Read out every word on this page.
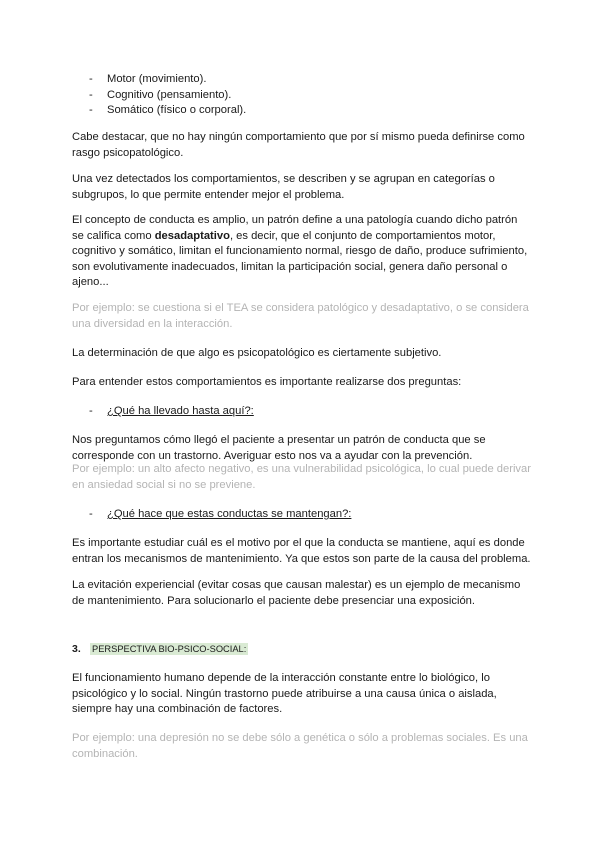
- Motor (movimiento).
- Cognitivo (pensamiento).
- Somático (físico o corporal).
Cabe destacar, que no hay ningún comportamiento que por sí mismo pueda definirse como rasgo psicopatológico.
Una vez detectados los comportamientos, se describen y se agrupan en categorías o subgrupos, lo que permite entender mejor el problema.
El concepto de conducta es amplio, un patrón define a una patología cuando dicho patrón se califica como desadaptativo, es decir, que el conjunto de comportamientos motor, cognitivo y somático, limitan el funcionamiento normal, riesgo de daño, produce sufrimiento, son evolutivamente inadecuados, limitan la participación social, genera daño personal o ajeno...
Por ejemplo: se cuestiona si el TEA se considera patológico y desadaptativo, o se considera una diversidad en la interacción.
La determinación de que algo es psicopatológico es ciertamente subjetivo.
Para entender estos comportamientos es importante realizarse dos preguntas:
- ¿Qué ha llevado hasta aquí?:
Nos preguntamos cómo llegó el paciente a presentar un patrón de conducta que se corresponde con un trastorno. Averiguar esto nos va a ayudar con la prevención.
Por ejemplo: un alto afecto negativo, es una vulnerabilidad psicológica, lo cual puede derivar en ansiedad social si no se previene.
- ¿Qué hace que estas conductas se mantengan?:
Es importante estudiar cuál es el motivo por el que la conducta se mantiene, aquí es donde entran los mecanismos de mantenimiento. Ya que estos son parte de la causa del problema.
La evitación experiencial (evitar cosas que causan malestar) es un ejemplo de mecanismo de mantenimiento. Para solucionarlo el paciente debe presenciar una exposición.
3. PERSPECTIVA BIO-PSICO-SOCIAL:
El funcionamiento humano depende de la interacción constante entre lo biológico, lo psicológico y lo social. Ningún trastorno puede atribuirse a una causa única o aislada, siempre hay una combinación de factores.
Por ejemplo: una depresión no se debe sólo a genética o sólo a problemas sociales. Es una combinación.
